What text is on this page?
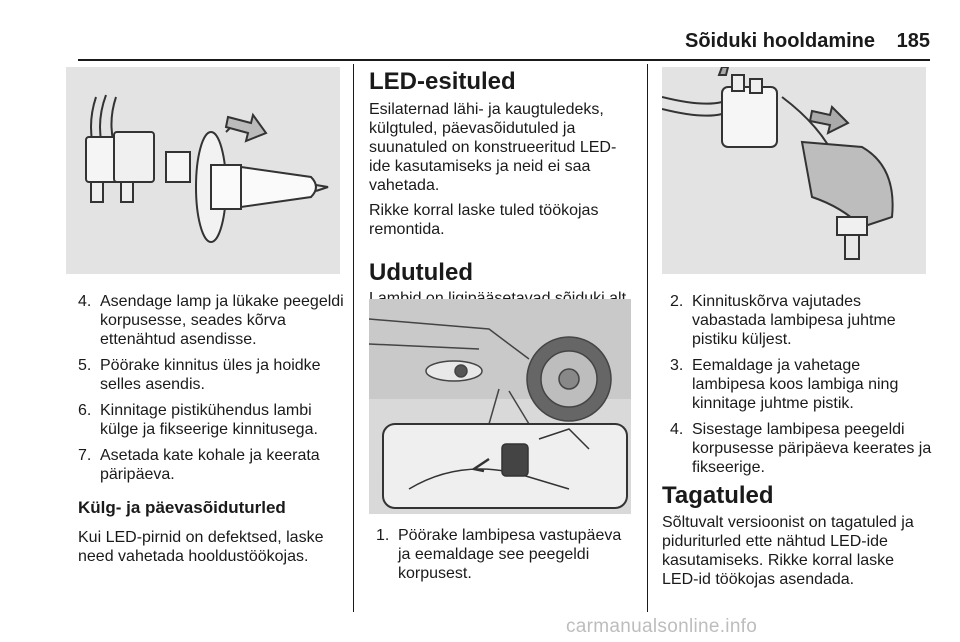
Sõiduki hooldamine 185
4. Asendage lamp ja lükake peegeldi korpusesse, seades kõrva ettenähtud asendisse.
5. Pöörake kinnitus üles ja hoidke selles asendis.
6. Kinnitage pistikühendus lambi külge ja fikseerige kinnitusega.
7. Asetada kate kohale ja keerata päripäeva.
Külg- ja päevasõiduturled

Kui LED-pirnid on defektsed, laske need vahetada hooldustöökojas.

LED-esituled

Esilaternad lähi- ja kaugtuledeks, külgtuled, päevasõidutuled ja suunatuled on konstrueeritud LED-ide kasutamiseks ja neid ei saa vahetada.

Rikke korral laske tuled töökojas remontida.

Udutuled

1. Pöörake lambipesa vastupäeva ja eemaldage see peegeldi korpusest.
2. Kinnituskõrva vajutades vabastada lambipesa juhtme pistiku küljest.
3. Eemaldage ja vahetage lambipesa koos lambiga ning kinnitage juhtme pistik.
4. Sisestage lambipesa peegeldi korpusesse päripäeva keerates ja fikseerige.
Tagatuled

Sõltuvalt versioonist on tagatuled ja piduriturled ette nähtud LED-ide kasutamiseks. Rikke korral laske LED-id töökojas asendada.

carmanualsonline.info
